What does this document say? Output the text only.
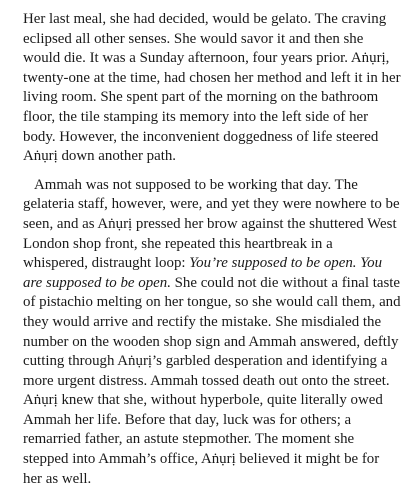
Her last meal, she had decided, would be gelato. The craving eclipsed all other senses. She would savor it and then she would die. It was a Sunday afternoon, four years prior. Aṅụrị, twenty-one at the time, had chosen her method and left it in her living room. She spent part of the morning on the bathroom floor, the tile stamping its memory into the left side of her body. However, the inconvenient doggedness of life steered Aṅụrị down another path.

Ammah was not supposed to be working that day. The gelateria staff, however, were, and yet they were nowhere to be seen, and as Aṅụrị pressed her brow against the shuttered West London shop front, she repeated this heartbreak in a whispered, distraught loop: You’re supposed to be open. You are supposed to be open. She could not die without a final taste of pistachio melting on her tongue, so she would call them, and they would arrive and rectify the mistake. She misdialed the number on the wooden shop sign and Ammah answered, deftly cutting through Aṅụrị’s garbled desperation and identifying a more urgent distress. Ammah tossed death out onto the street. Aṅụrị knew that she, without hyperbole, quite literally owed Ammah her life. Before that day, luck was for others; a remarried father, an astute stepmother. The moment she stepped into Ammah’s office, Aṅụrị believed it might be for her as well.
